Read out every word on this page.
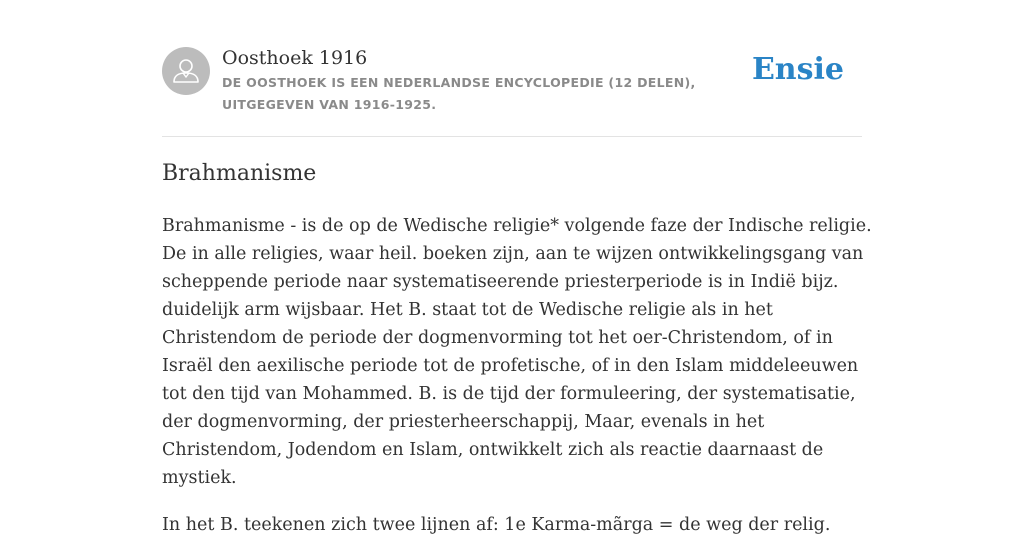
Oosthoek 1916

DE OOSTHOEK IS EEN NEDERLANDSE ENCYCLOPEDIE (12 DELEN), UITGEGEVEN VAN 1916-1925.

Ensie
Brahmanisme

Brahmanisme - is de op de Wedische religie* volgende faze der Indische religie. De in alle religies, waar heil. boeken zijn, aan te wijzen ontwikkelingsgang van scheppende periode naar systematiseerende priesterperiode is in Indië bijz. duidelijk arm wijsbaar. Het B. staat tot de Wedische religie als in het Christendom de periode der dogmenvorming tot het oer-Christendom, of in Israël den aexilische periode tot de profetische, of in den Islam middeleeuwen tot den tijd van Mohammed. B. is de tijd der formuleering, der systematisatie, der dogmenvorming, der priesterheerschappij, Maar, evenals in het Christendom, Jodendom en Islam, ontwikkelt zich als reactie daarnaast de mystiek.

In het B. teekenen zich twee lijnen af: 1e Karma-mãrga = de weg der relig.
